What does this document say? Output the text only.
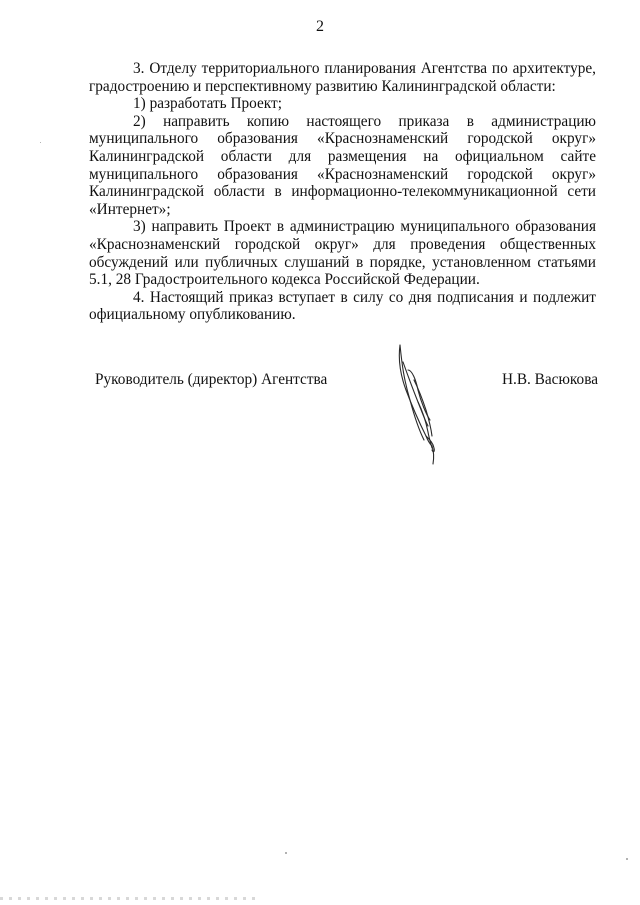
2

3. Отделу территориального планирования Агентства по архитектуре, градостроению и перспективному развитию Калининградской области:

1) разработать Проект;

2) направить копию настоящего приказа в администрацию муниципального образования «Краснознаменский городской округ» Калининградской области для размещения на официальном сайте муниципального образования «Краснознаменский городской округ» Калининградской области в информационно-телекоммуникационной сети «Интернет»;

3) направить Проект в администрацию муниципального образования «Краснознаменский городской округ» для проведения общественных обсуждений или публичных слушаний в порядке, установленном статьями 5.1, 28 Градостроительного кодекса Российской Федерации.

4. Настоящий приказ вступает в силу со дня подписания и подлежит официальному опубликованию.

Руководитель (директор) Агентства	Н.В. Васюкова
